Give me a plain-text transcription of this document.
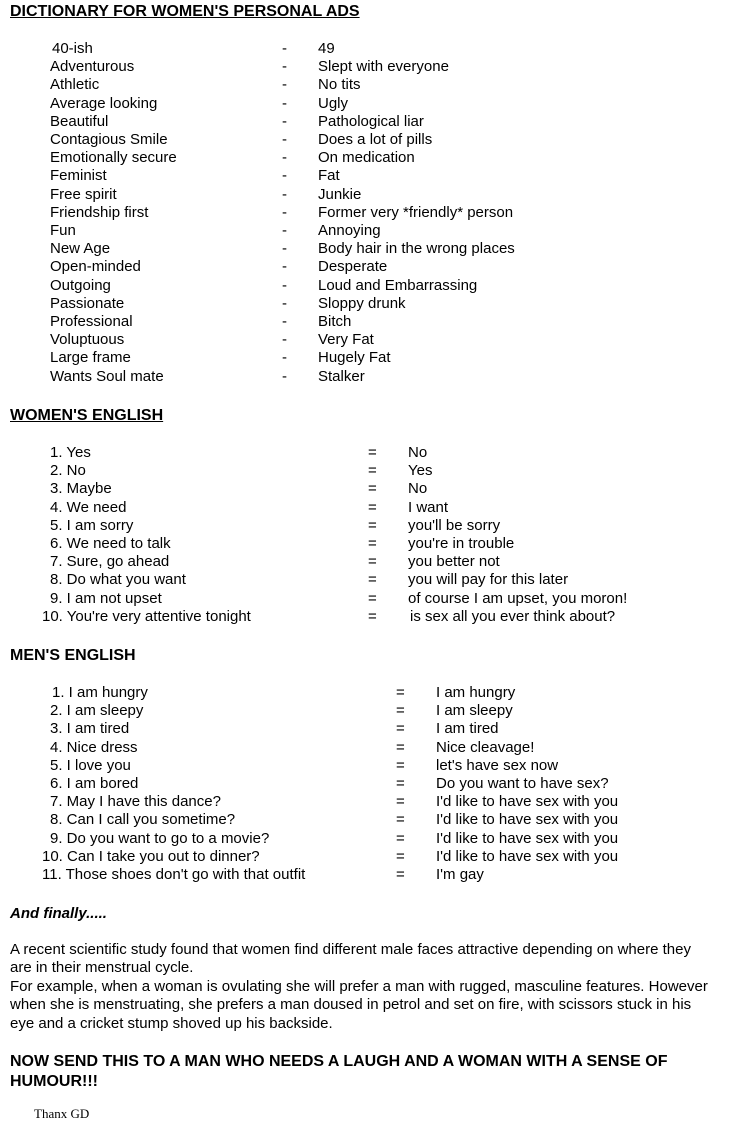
DICTIONARY FOR WOMEN'S PERSONAL ADS
40-ish	- 49
Adventurous	- Slept with everyone
Athletic	- No tits
Average looking	- Ugly
Beautiful	- Pathological liar
Contagious Smile	- Does a lot of pills
Emotionally secure	- On medication
Feminist	- Fat
Free spirit	- Junkie
Friendship first	- Former very *friendly* person
Fun	- Annoying
New Age	- Body hair in the wrong places
Open-minded	- Desperate
Outgoing	- Loud and Embarrassing
Passionate	- Sloppy drunk
Professional	- Bitch
Voluptuous	- Very Fat
Large frame	- Hugely Fat
Wants Soul mate	- Stalker
WOMEN'S ENGLISH
1. Yes	= No
2. No	= Yes
3. Maybe	= No
4. We need	= I want
5. I am sorry	= you'll be sorry
6. We need to talk	= you're in trouble
7. Sure, go ahead	= you better not
8. Do what you want	= you will pay for this later
9. I am not upset	= of course I am upset, you moron!
10. You're very attentive tonight	= is sex all you ever think about?
MEN'S ENGLISH
1. I am hungry	= I am hungry
2. I am sleepy	= I am sleepy
3. I am tired	= I am tired
4. Nice dress	= Nice cleavage!
5. I love you	= let's have sex now
6. I am bored	= Do you want to have sex?
7. May I have this dance?	= I'd like to have sex with you
8. Can I call you sometime?	= I'd like to have sex with you
9. Do you want to go to a movie?	= I'd like to have sex with you
10. Can I take you out to dinner?	= I'd like to have sex with you
11. Those shoes don't go with that outfit	= I'm gay
And finally.....
A recent scientific study found that women find different male faces attractive depending on where they are in their menstrual cycle.
For example, when a woman is ovulating she will prefer a man with rugged, masculine features. However when she is menstruating, she prefers a man doused in petrol and set on fire, with scissors stuck in his eye and a cricket stump shoved up his backside.
NOW SEND THIS TO A MAN WHO NEEDS A LAUGH AND A WOMAN WITH A SENSE OF HUMOUR!!!
Thanx GD
